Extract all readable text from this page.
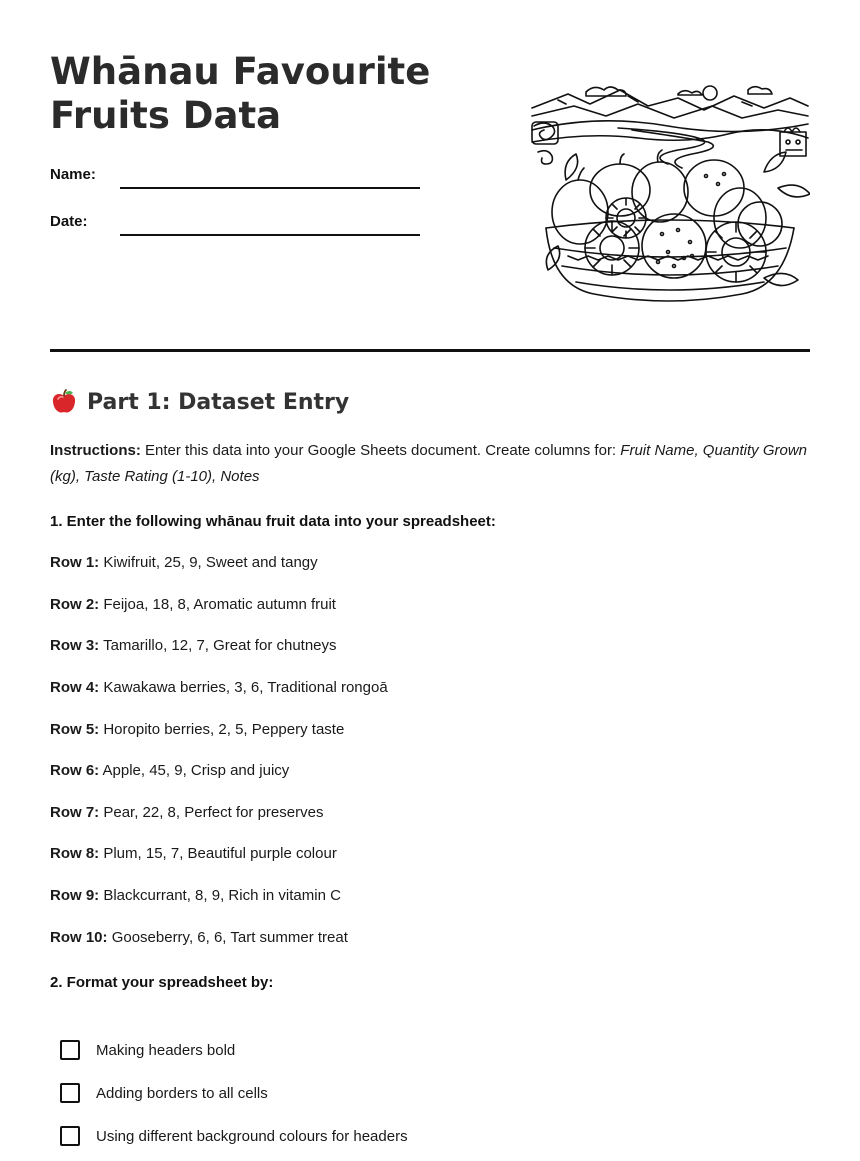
Whānau Favourite Fruits Data
Name:
Date:
Part 1: Dataset Entry

Instructions: Enter this data into your Google Sheets document. Create columns for: Fruit Name, Quantity Grown (kg), Taste Rating (1-10), Notes

1. Enter the following whānau fruit data into your spreadsheet:

Row 1: Kiwifruit, 25, 9, Sweet and tangy

Row 2: Feijoa, 18, 8, Aromatic autumn fruit

Row 3: Tamarillo, 12, 7, Great for chutneys

Row 4: Kawakawa berries, 3, 6, Traditional rongoā

Row 5: Horopito berries, 2, 5, Peppery taste

Row 6: Apple, 45, 9, Crisp and juicy

Row 7: Pear, 22, 8, Perfect for preserves

Row 8: Plum, 15, 7, Beautiful purple colour

Row 9: Blackcurrant, 8, 9, Rich in vitamin C

Row 10: Gooseberry, 6, 6, Tart summer treat

2. Format your spreadsheet by:

Making headers bold
Adding borders to all cells
Using different background colours for headers
